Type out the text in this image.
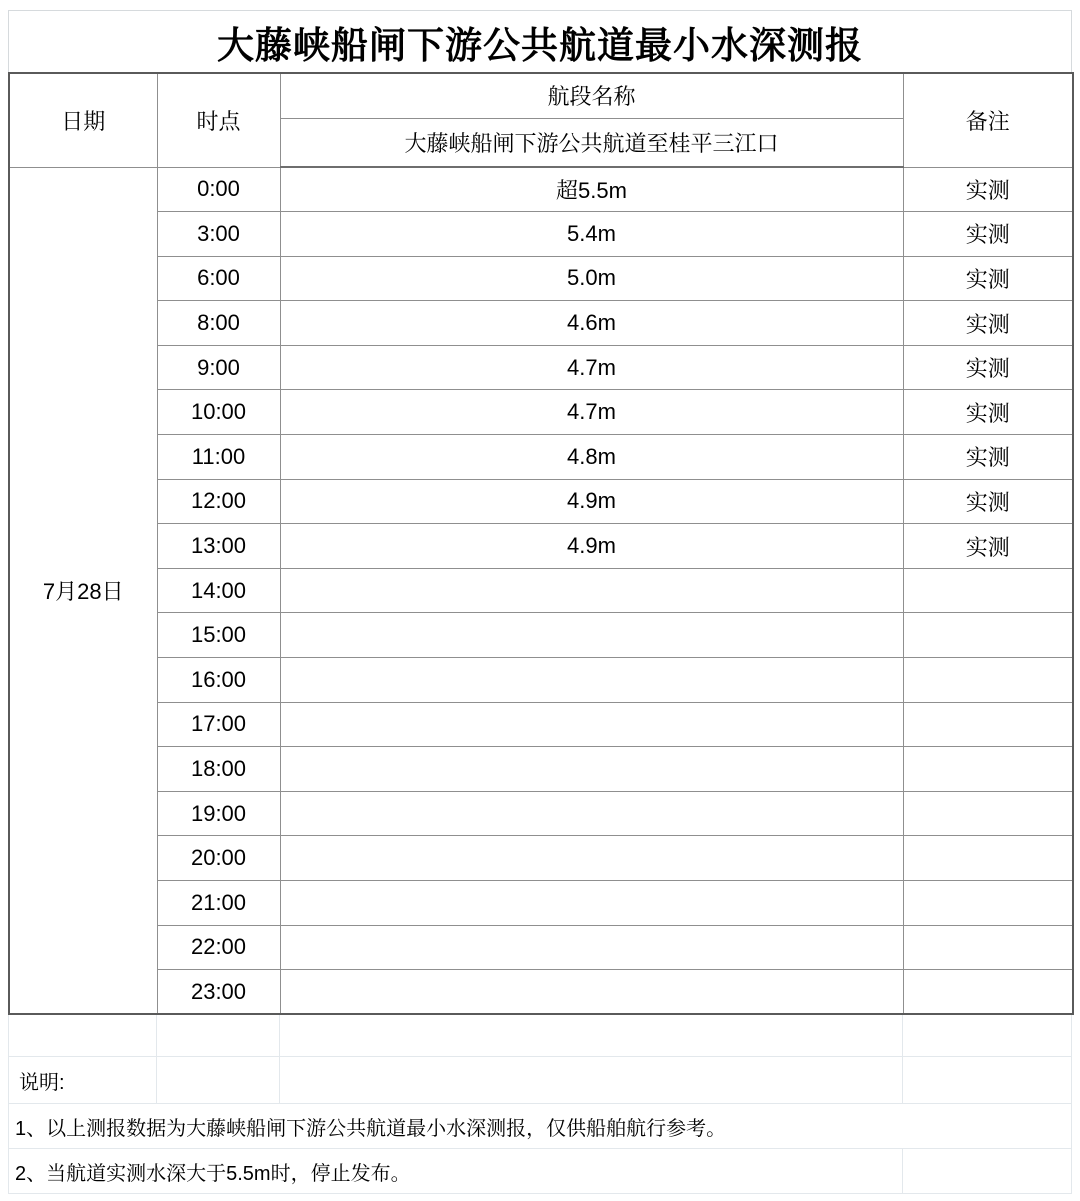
大藤峡船闸下游公共航道最小水深测报
日期	时点	航段名称	备注
		大藤峡船闸下游公共航道至桂平三江口	
7月28日	0:00	超5.5m	实测
	3:00	5.4m	实测
	6:00	5.0m	实测
	8:00	4.6m	实测
	9:00	4.7m	实测
	10:00	4.7m	实测
	11:00	4.8m	实测
	12:00	4.9m	实测
	13:00	4.9m	实测
	14:00		
	15:00		
	16:00		
	17:00		
	18:00		
	19:00		
	20:00		
	21:00		
	22:00		
	23:00		
说明:
1、以上测报数据为大藤峡船闸下游公共航道最小水深测报，仅供船舶航行参考。
2、当航道实测水深大于5.5m时，停止发布。
